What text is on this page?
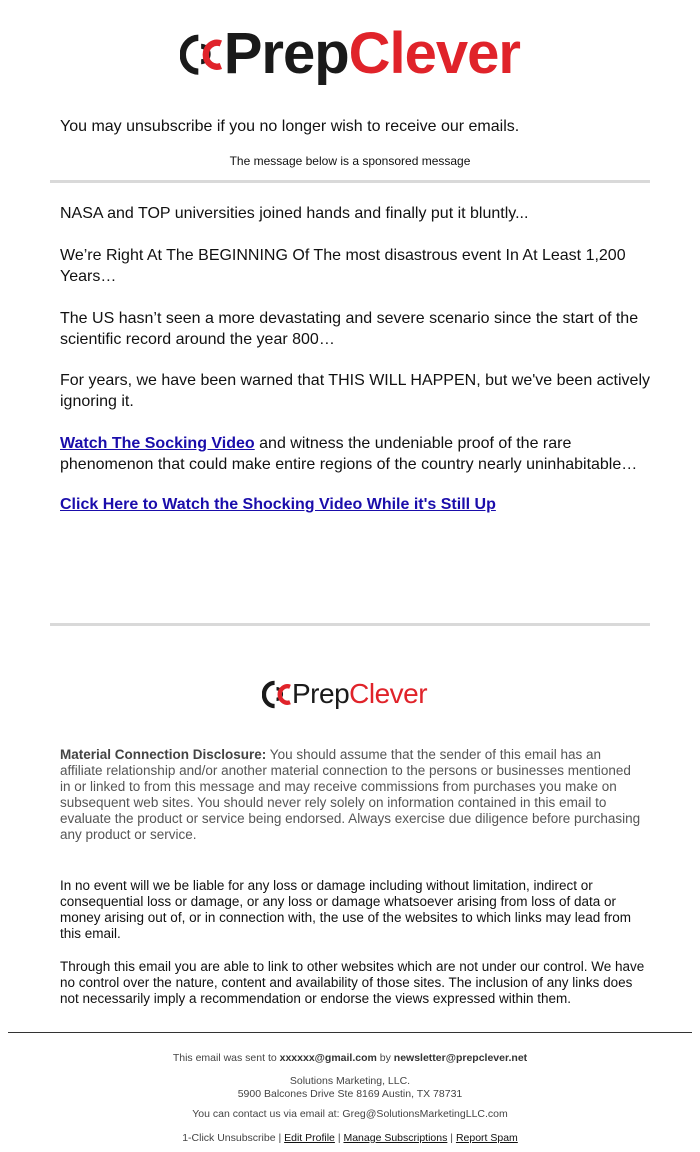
PrepClever
You may unsubscribe if you no longer wish to receive our emails.
The message below is a sponsored message
NASA and TOP universities joined hands and finally put it bluntly...
We’re Right At The BEGINNING Of The most disastrous event In At Least 1,200 Years…
The US hasn’t seen a more devastating and severe scenario since the start of the scientific record around the year 800…
For years, we have been warned that THIS WILL HAPPEN, but we've been actively ignoring it.
Watch The Socking Video and witness the undeniable proof of the rare phenomenon that could make entire regions of the country nearly uninhabitable…
Click Here to Watch the Shocking Video While it's Still Up
PrepClever
Material Connection Disclosure: You should assume that the sender of this email has an affiliate relationship and/or another material connection to the persons or businesses mentioned in or linked to from this message and may receive commissions from purchases you make on subsequent web sites. You should never rely solely on information contained in this email to evaluate the product or service being endorsed. Always exercise due diligence before purchasing any product or service.
In no event will we be liable for any loss or damage including without limitation, indirect or consequential loss or damage, or any loss or damage whatsoever arising from loss of data or money arising out of, or in connection with, the use of the websites to which links may lead from this email.
Through this email you are able to link to other websites which are not under our control. We have no control over the nature, content and availability of those sites. The inclusion of any links does not necessarily imply a recommendation or endorse the views expressed within them.
This email was sent to xxxxxx@gmail.com by newsletter@prepclever.net
Solutions Marketing, LLC.
5900 Balcones Drive Ste 8169 Austin, TX 78731
You can contact us via email at: Greg@SolutionsMarketingLLC.com
1-Click Unsubscribe | Edit Profile | Manage Subscriptions | Report Spam
